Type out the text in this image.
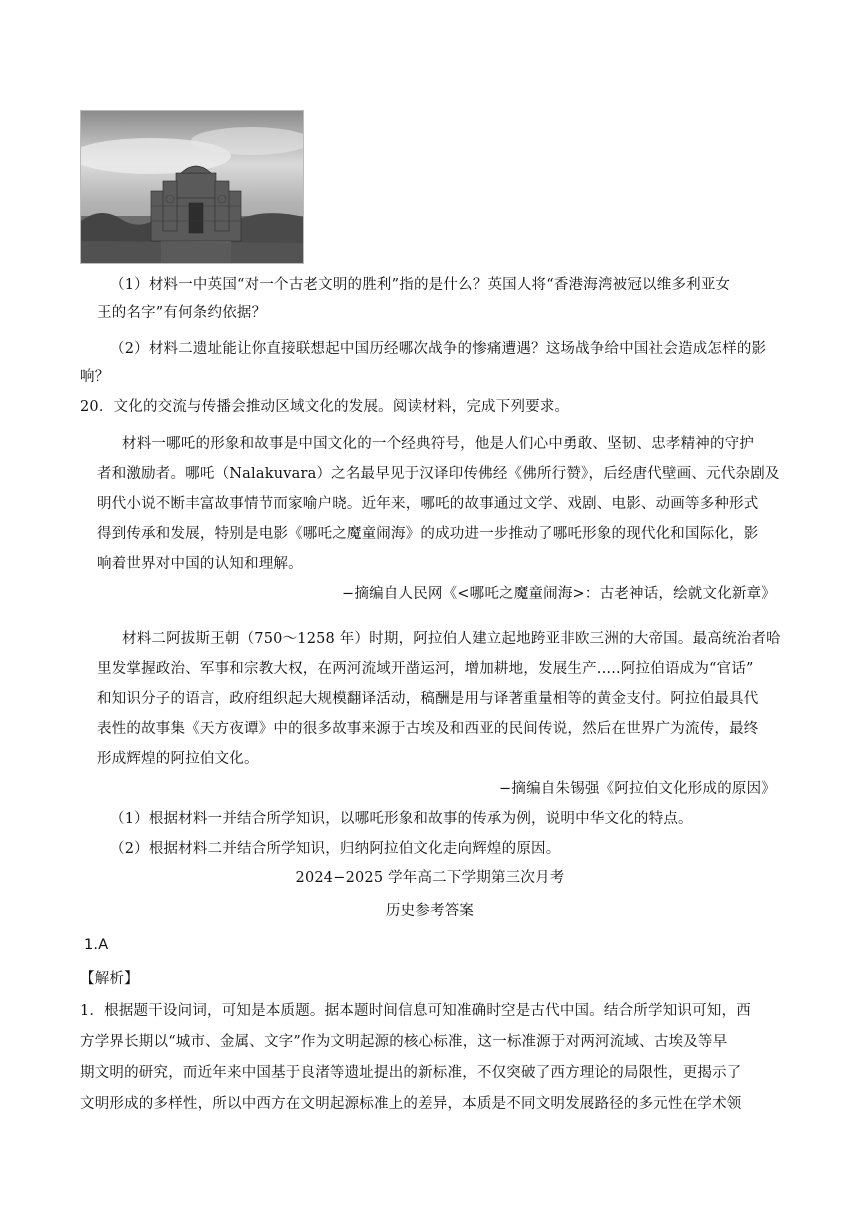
（1）材料一中英国“对一个古老文明的胜利”指的是什么？英国人将“香港海湾被冠以维多利亚女
王的名字”有何条约依据？
（2）材料二遗址能让你直接联想起中国历经哪次战争的惨痛遭遇？这场战争给中国社会造成怎样的影
响？
20．文化的交流与传播会推动区域文化的发展。阅读材料，完成下列要求。
材料一哪吒的形象和故事是中国文化的一个经典符号，他是人们心中勇敢、坚韧、忠孝精神的守护
者和激励者。哪吒（Nalakuvara）之名最早见于汉译印传佛经《佛所行赞》，后经唐代壁画、元代杂剧及
明代小说不断丰富故事情节而家喻户晓。近年来，哪吒的故事通过文学、戏剧、电影、动画等多种形式
得到传承和发展，特别是电影《哪吒之魔童闹海》的成功进一步推动了哪吒形象的现代化和国际化，影
响着世界对中国的认知和理解。
−摘编自人民网《<哪吒之魔童闹海>：古老神话，绘就文化新章》
材料二阿拔斯王朝（750～1258 年）时期，阿拉伯人建立起地跨亚非欧三洲的大帝国。最高统治者哈
里发掌握政治、军事和宗教大权，在两河流域开凿运河，增加耕地，发展生产.....阿拉伯语成为“官话”
和知识分子的语言，政府组织起大规模翻译活动，稿酬是用与译著重量相等的黄金支付。阿拉伯最具代
表性的故事集《天方夜谭》中的很多故事来源于古埃及和西亚的民间传说，然后在世界广为流传，最终
形成辉煌的阿拉伯文化。
−摘编自朱锡强《阿拉伯文化形成的原因》
（1）根据材料一并结合所学知识，以哪吒形象和故事的传承为例，说明中华文化的特点。
（2）根据材料二并结合所学知识，归纳阿拉伯文化走向辉煌的原因。
2024−2025 学年高二下学期第三次月考
历史参考答案
1.A
【解析】
1．根据题干设问词，可知是本质题。据本题时间信息可知准确时空是古代中国。结合所学知识可知，西
方学界长期以“城市、金属、文字”作为文明起源的核心标准，这一标准源于对两河流域、古埃及等早
期文明的研究，而近年来中国基于良渚等遗址提出的新标准，不仅突破了西方理论的局限性，更揭示了
文明形成的多样性，所以中西方在文明起源标准上的差异，本质是不同文明发展路径的多元性在学术领
